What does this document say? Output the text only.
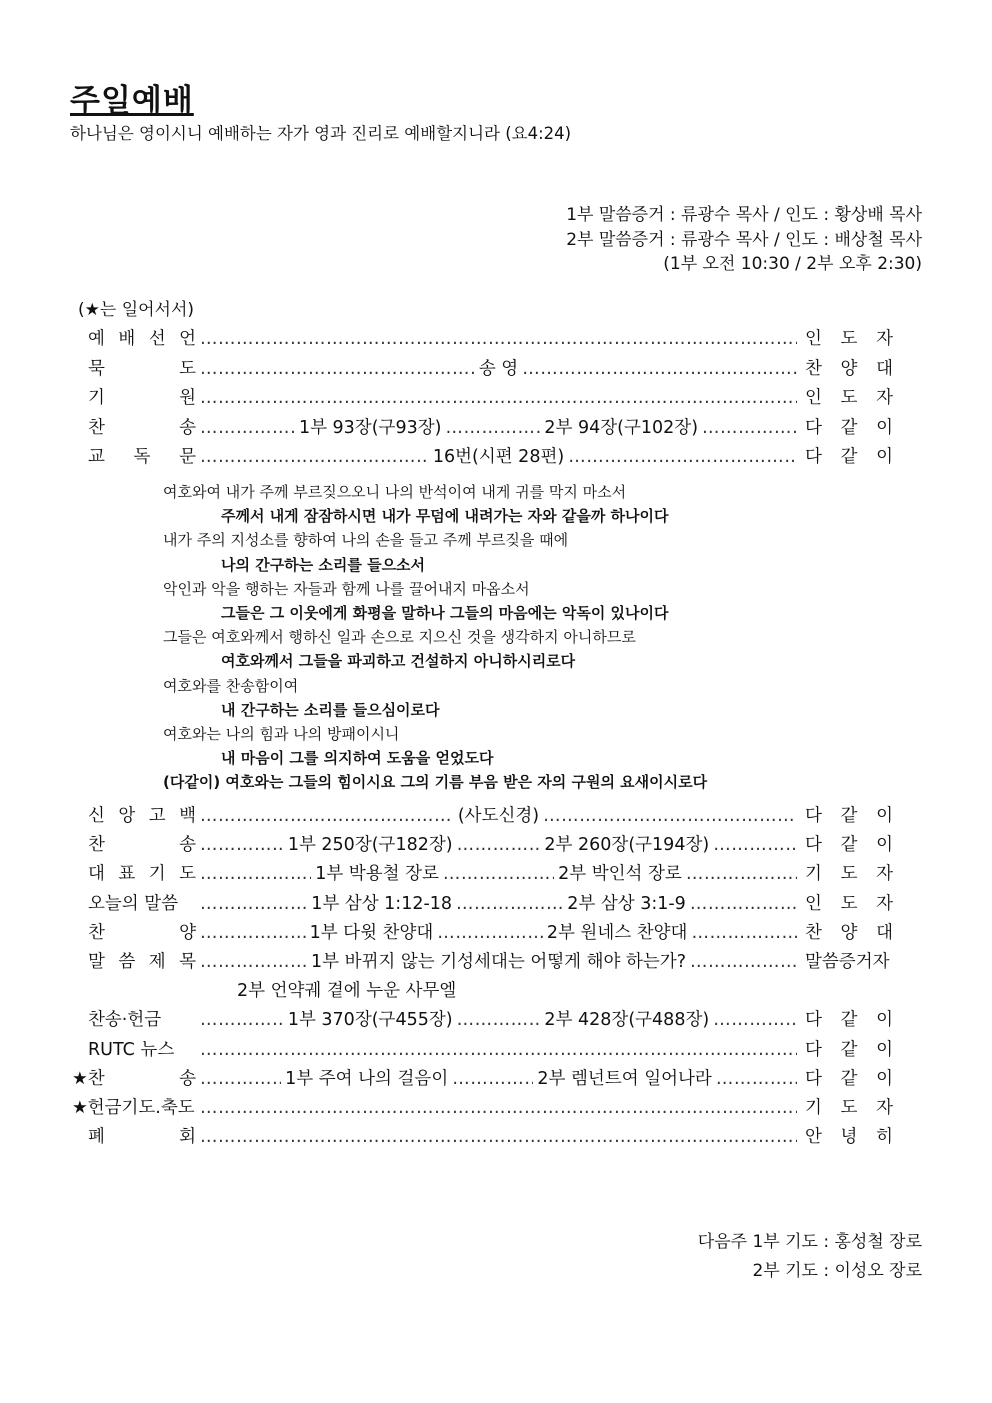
주일예배
하나님은 영이시니 예배하는 자가 영과 진리로 예배할지니라 (요4:24)
1부 말씀증거 : 류광수 목사 / 인도 : 황상배 목사
2부 말씀증거 : 류광수 목사 / 인도 : 배상철 목사
(1부 오전 10:30 / 2부 오후 2:30)
(★는 일어서서)
예 배 선 언 …………………………………………………………………………………………………………………………………………………………………………………………………………………………………………	인 도 자
묵	도 …………………………………………………………………………………………………………………………………………………………………………………………………………………………………………	송 영 …………………………………………………………………………………………………………………………………………………………………………………………………………………………………………	찬 양 대
기	원 …………………………………………………………………………………………………………………………………………………………………………………………………………………………………………	인 도 자
찬	송 …………………………………………………………………………………………………………………………………………………………………………………………………………………………………………	1부 93장(구93장) …………………………………………………………………………………………………………………………………………………………………………………………………………………………………………	2부 94장(구102장) …………………………………………………………………………………………………………………………………………………………………………………………………………………………………………	다 같 이
교 독 문 …………………………………………………………………………………………………………………………………………………………………………………………………………………………………………	16번(시편 28편) …………………………………………………………………………………………………………………………………………………………………………………………………………………………………………	다 같 이
여호와여 내가 주께 부르짖으오니 나의 반석이여 내게 귀를 막지 마소서
주께서 내게 잠잠하시면 내가 무덤에 내려가는 자와 같을까 하나이다
내가 주의 지성소를 향하여 나의 손을 들고 주께 부르짖을 때에
나의 간구하는 소리를 들으소서
악인과 악을 행하는 자들과 함께 나를 끌어내지 마옵소서
그들은 그 이웃에게 화평을 말하나 그들의 마음에는 악독이 있나이다
그들은 여호와께서 행하신 일과 손으로 지으신 것을 생각하지 아니하므로
여호와께서 그들을 파괴하고 건설하지 아니하시리로다
여호와를 찬송함이여
내 간구하는 소리를 들으심이로다
여호와는 나의 힘과 나의 방패이시니
내 마음이 그를 의지하여 도움을 얻었도다
(다같이) 여호와는 그들의 힘이시요 그의 기름 부음 받은 자의 구원의 요새이시로다
신 앙 고 백 …………………………………………………………………………………………………………………………………………………………………………………………………………………………………………	(사도신경) …………………………………………………………………………………………………………………………………………………………………………………………………………………………………………	다 같 이
찬	송 …………………………………………………………………………………………………………………………………………………………………………………………………………………………………………	1부 250장(구182장) …………………………………………………………………………………………………………………………………………………………………………………………………………………………………………	2부 260장(구194장) …………………………………………………………………………………………………………………………………………………………………………………………………………………………………………	다 같 이
대 표 기 도 …………………………………………………………………………………………………………………………………………………………………………………………………………………………………………	1부 박용철 장로 …………………………………………………………………………………………………………………………………………………………………………………………………………………………………………	2부 박인석 장로 …………………………………………………………………………………………………………………………………………………………………………………………………………………………………………	기 도 자
오늘의 말씀 …………………………………………………………………………………………………………………………………………………………………………………………………………………………………………	1부 삼상 1:12-18 …………………………………………………………………………………………………………………………………………………………………………………………………………………………………………	2부 삼상 3:1-9 …………………………………………………………………………………………………………………………………………………………………………………………………………………………………………	인 도 자
찬	양 …………………………………………………………………………………………………………………………………………………………………………………………………………………………………………	1부 다윗 찬양대 …………………………………………………………………………………………………………………………………………………………………………………………………………………………………………	2부 원네스 찬양대 …………………………………………………………………………………………………………………………………………………………………………………………………………………………………………	찬 양 대
말 씀 제 목 …………………………………………………………………………………………………………………………………………………………………………………………………………………………………………	1부 바뀌지 않는 기성세대는 어떻게 해야 하는가? …………………………………………………………………………………………………………………………………………………………………………………………………………………………………………	말씀증거자
2부 언약궤 곁에 누운 사무엘
찬송·헌금 …………………………………………………………………………………………………………………………………………………………………………………………………………………………………………	1부 370장(구455장) …………………………………………………………………………………………………………………………………………………………………………………………………………………………………………	2부 428장(구488장) …………………………………………………………………………………………………………………………………………………………………………………………………………………………………………	다 같 이
RUTC 뉴스 …………………………………………………………………………………………………………………………………………………………………………………………………………………………………………	다 같 이
★찬	송 …………………………………………………………………………………………………………………………………………………………………………………………………………………………………………	1부 주여 나의 걸음이 …………………………………………………………………………………………………………………………………………………………………………………………………………………………………………	2부 렘넌트여 일어나라 …………………………………………………………………………………………………………………………………………………………………………………………………………………………………………	다 같 이
★헌금기도.축도 …………………………………………………………………………………………………………………………………………………………………………………………………………………………………………	기 도 자
폐	회 …………………………………………………………………………………………………………………………………………………………………………………………………………………………………………	안 녕 히
다음주 1부 기도 : 홍성철 장로
2부 기도 : 이성오 장로
